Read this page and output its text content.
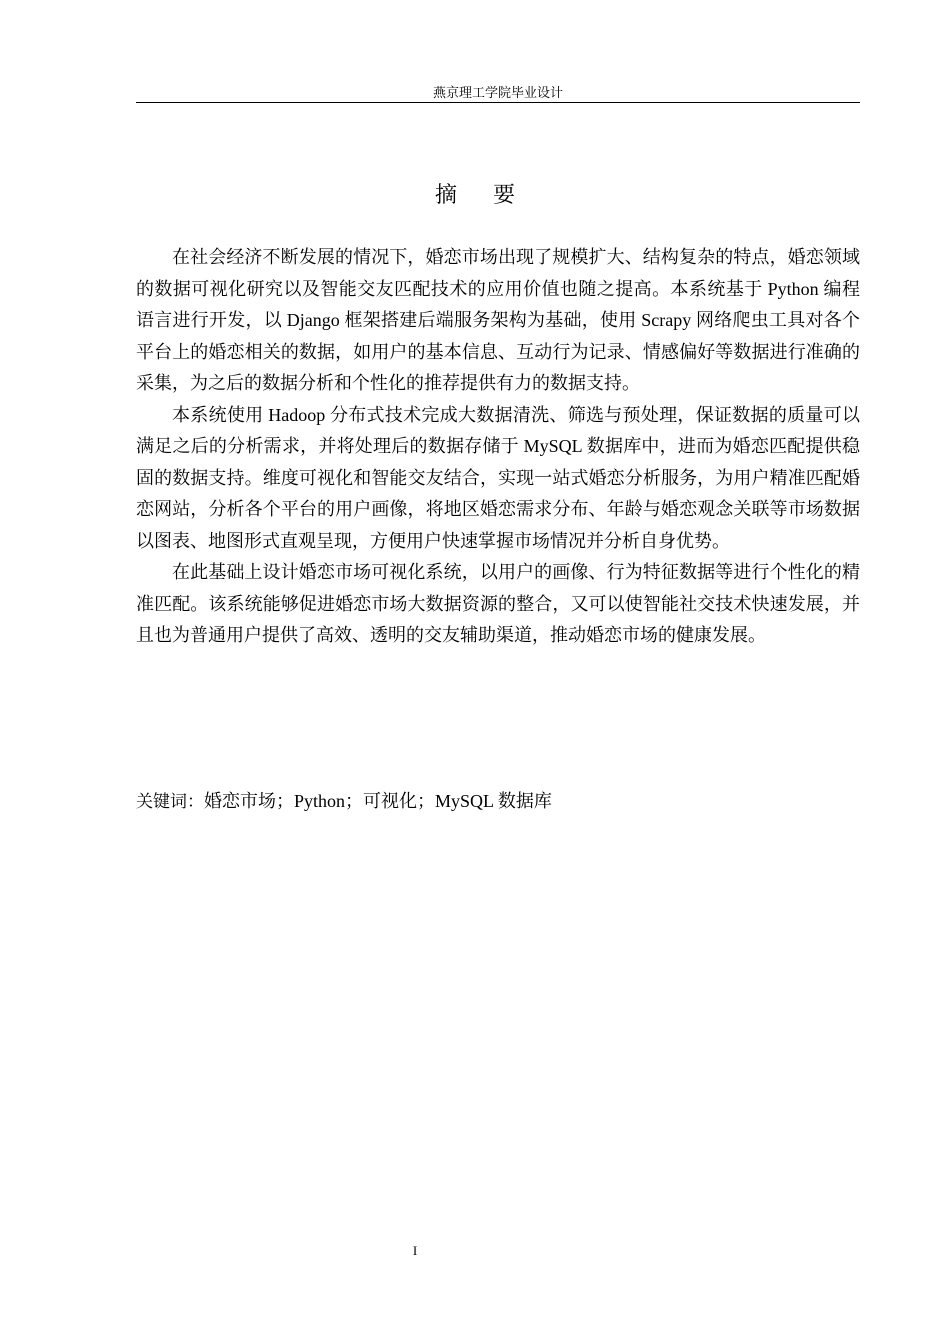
燕京理工学院毕业设计
摘要

在社会经济不断发展的情况下，婚恋市场出现了规模扩大、结构复杂的特点，婚恋领域的数据可视化研究以及智能交友匹配技术的应用价值也随之提高。本系统基于 Python 编程语言进行开发，以 Django 框架搭建后端服务架构为基础，使用 Scrapy 网络爬虫工具对各个平台上的婚恋相关的数据，如用户的基本信息、互动行为记录、情感偏好等数据进行准确的采集，为之后的数据分析和个性化的推荐提供有力的数据支持。

本系统使用 Hadoop 分布式技术完成大数据清洗、筛选与预处理，保证数据的质量可以满足之后的分析需求，并将处理后的数据存储于 MySQL 数据库中，进而为婚恋匹配提供稳固的数据支持。维度可视化和智能交友结合，实现一站式婚恋分析服务，为用户精准匹配婚恋网站，分析各个平台的用户画像，将地区婚恋需求分布、年龄与婚恋观念关联等市场数据以图表、地图形式直观呈现，方便用户快速掌握市场情况并分析自身优势。

在此基础上设计婚恋市场可视化系统，以用户的画像、行为特征数据等进行个性化的精准匹配。该系统能够促进婚恋市场大数据资源的整合，又可以使智能社交技术快速发展，并且也为普通用户提供了高效、透明的交友辅助渠道，推动婚恋市场的健康发展。

关键词：婚恋市场；Python；可视化；MySQL 数据库
I
